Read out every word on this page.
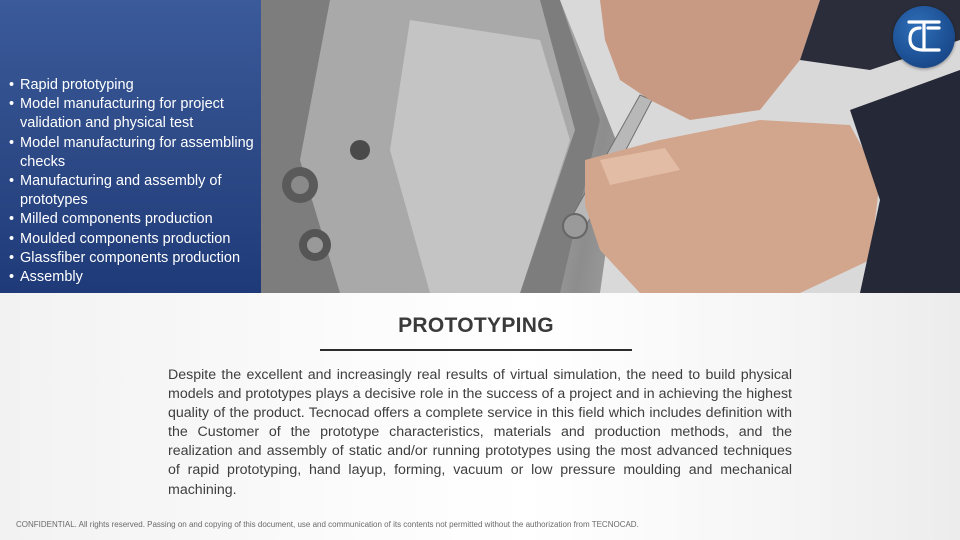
• Rapid prototyping
• Model manufacturing for project validation and physical test
• Model manufacturing for assembling checks
• Manufacturing and assembly of prototypes
• Milled components production
• Moulded components production
• Glassfiber components production
• Assembly
PROTOTYPING
Despite the excellent and increasingly real results of virtual simulation, the need to build physical models and prototypes plays a decisive role in the success of a project and in achieving the highest quality of the product. Tecnocad offers a complete service in this field which includes definition with the Customer of the prototype characteristics, materials and production methods, and the realization and assembly of static and/or running prototypes using the most advanced techniques of rapid prototyping, hand layup, forming, vacuum or low pressure moulding and mechanical machining.
CONFIDENTIAL. All rights reserved. Passing on and copying of this document, use and communication of its contents not permitted without the authorization from TECNOCAD.
